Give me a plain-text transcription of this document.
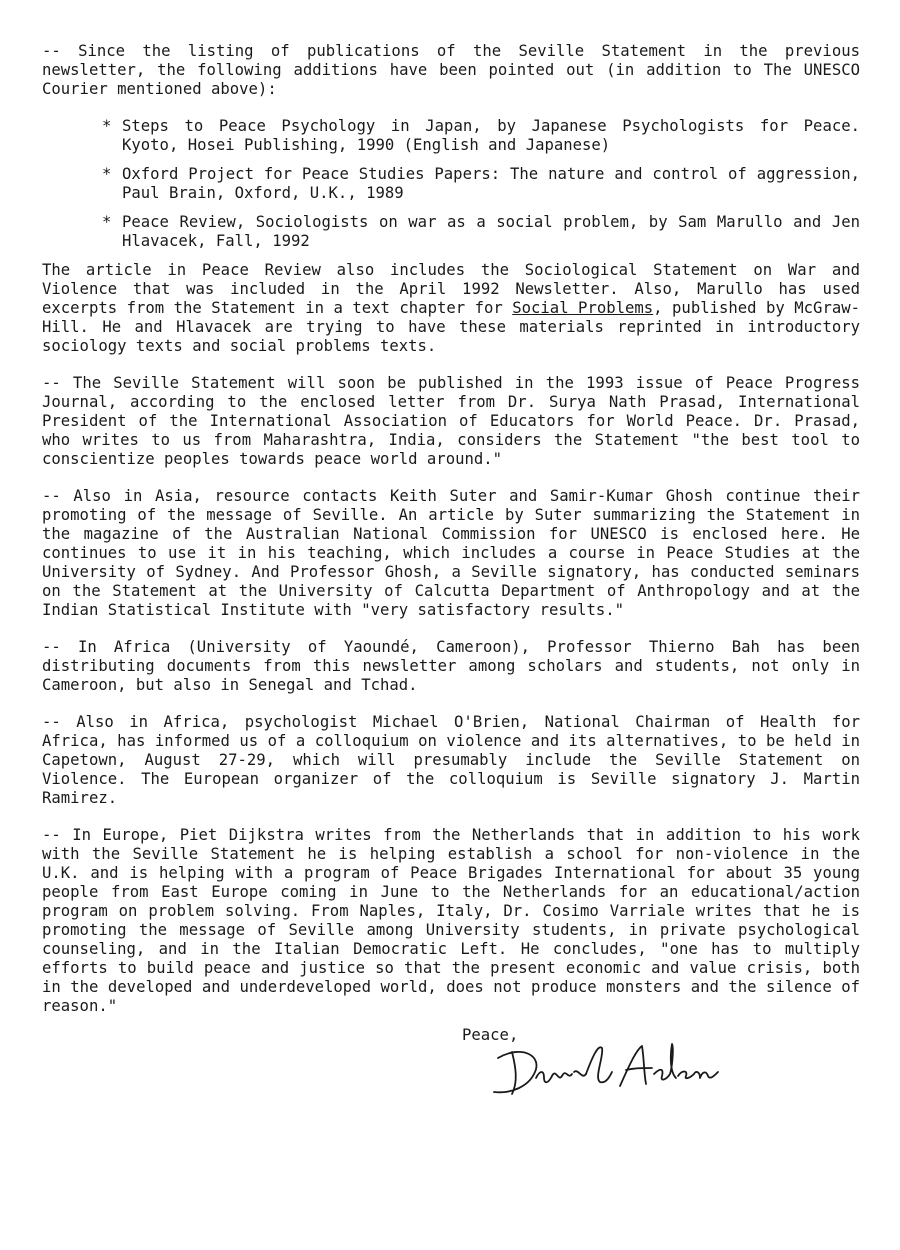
-- Since the listing of publications of the Seville Statement in the previous newsletter, the following additions have been pointed out (in addition to The UNESCO Courier mentioned above):

* Steps to Peace Psychology in Japan, by Japanese Psychologists for Peace. Kyoto, Hosei Publishing, 1990 (English and Japanese)
* Oxford Project for Peace Studies Papers: The nature and control of aggression, Paul Brain, Oxford, U.K., 1989
* Peace Review, Sociologists on war as a social problem, by Sam Marullo and Jen Hlavacek, Fall, 1992

The article in Peace Review also includes the Sociological Statement on War and Violence that was included in the April 1992 Newsletter. Also, Marullo has used excerpts from the Statement in a text chapter for Social Problems, published by McGraw-Hill. He and Hlavacek are trying to have these materials reprinted in introductory sociology texts and social problems texts.

-- The Seville Statement will soon be published in the 1993 issue of Peace Progress Journal, according to the enclosed letter from Dr. Surya Nath Prasad, International President of the International Association of Educators for World Peace. Dr. Prasad, who writes to us from Maharashtra, India, considers the Statement "the best tool to conscientize peoples towards peace world around."

-- Also in Asia, resource contacts Keith Suter and Samir-Kumar Ghosh continue their promoting of the message of Seville. An article by Suter summarizing the Statement in the magazine of the Australian National Commission for UNESCO is enclosed here. He continues to use it in his teaching, which includes a course in Peace Studies at the University of Sydney. And Professor Ghosh, a Seville signatory, has conducted seminars on the Statement at the University of Calcutta Department of Anthropology and at the Indian Statistical Institute with "very satisfactory results."

-- In Africa (University of Yaoundé, Cameroon), Professor Thierno Bah has been distributing documents from this newsletter among scholars and students, not only in Cameroon, but also in Senegal and Tchad.

-- Also in Africa, psychologist Michael O'Brien, National Chairman of Health for Africa, has informed us of a colloquium on violence and its alternatives, to be held in Capetown, August 27-29, which will presumably include the Seville Statement on Violence. The European organizer of the colloquium is Seville signatory J. Martin Ramirez.

-- In Europe, Piet Dijkstra writes from the Netherlands that in addition to his work with the Seville Statement he is helping establish a school for non-violence in the U.K. and is helping with a program of Peace Brigades International for about 35 young people from East Europe coming in June to the Netherlands for an educational/action program on problem solving. From Naples, Italy, Dr. Cosimo Varriale writes that he is promoting the message of Seville among University students, in private psychological counseling, and in the Italian Democratic Left. He concludes, "one has to multiply efforts to build peace and justice so that the present economic and value crisis, both in the developed and underdeveloped world, does not produce monsters and the silence of reason."

Peace,
